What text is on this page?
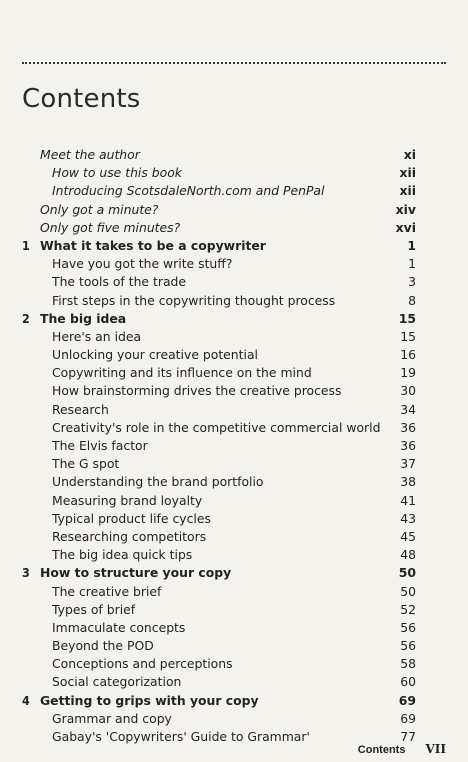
Contents
Meet the author	xi
How to use this book	xii
Introducing ScotsdaleNorth.com and PenPal	xii
Only got a minute?	xiv
Only got five minutes?	xvi
1 What it takes to be a copywriter	1
Have you got the write stuff?	1
The tools of the trade	3
First steps in the copywriting thought process	8
2 The big idea	15
Here's an idea	15
Unlocking your creative potential	16
Copywriting and its influence on the mind	19
How brainstorming drives the creative process	30
Research	34
Creativity's role in the competitive commercial world 36
The Elvis factor	36
The G spot	37
Understanding the brand portfolio	38
Measuring brand loyalty	41
Typical product life cycles	43
Researching competitors	45
The big idea quick tips	48
3 How to structure your copy	50
The creative brief	50
Types of brief	52
Immaculate concepts	56
Beyond the POD	56
Conceptions and perceptions	58
Social categorization	60
4 Getting to grips with your copy	69
Grammar and copy	69
Gabay's 'Copywriters' Guide to Grammar'	77
Contents VII
